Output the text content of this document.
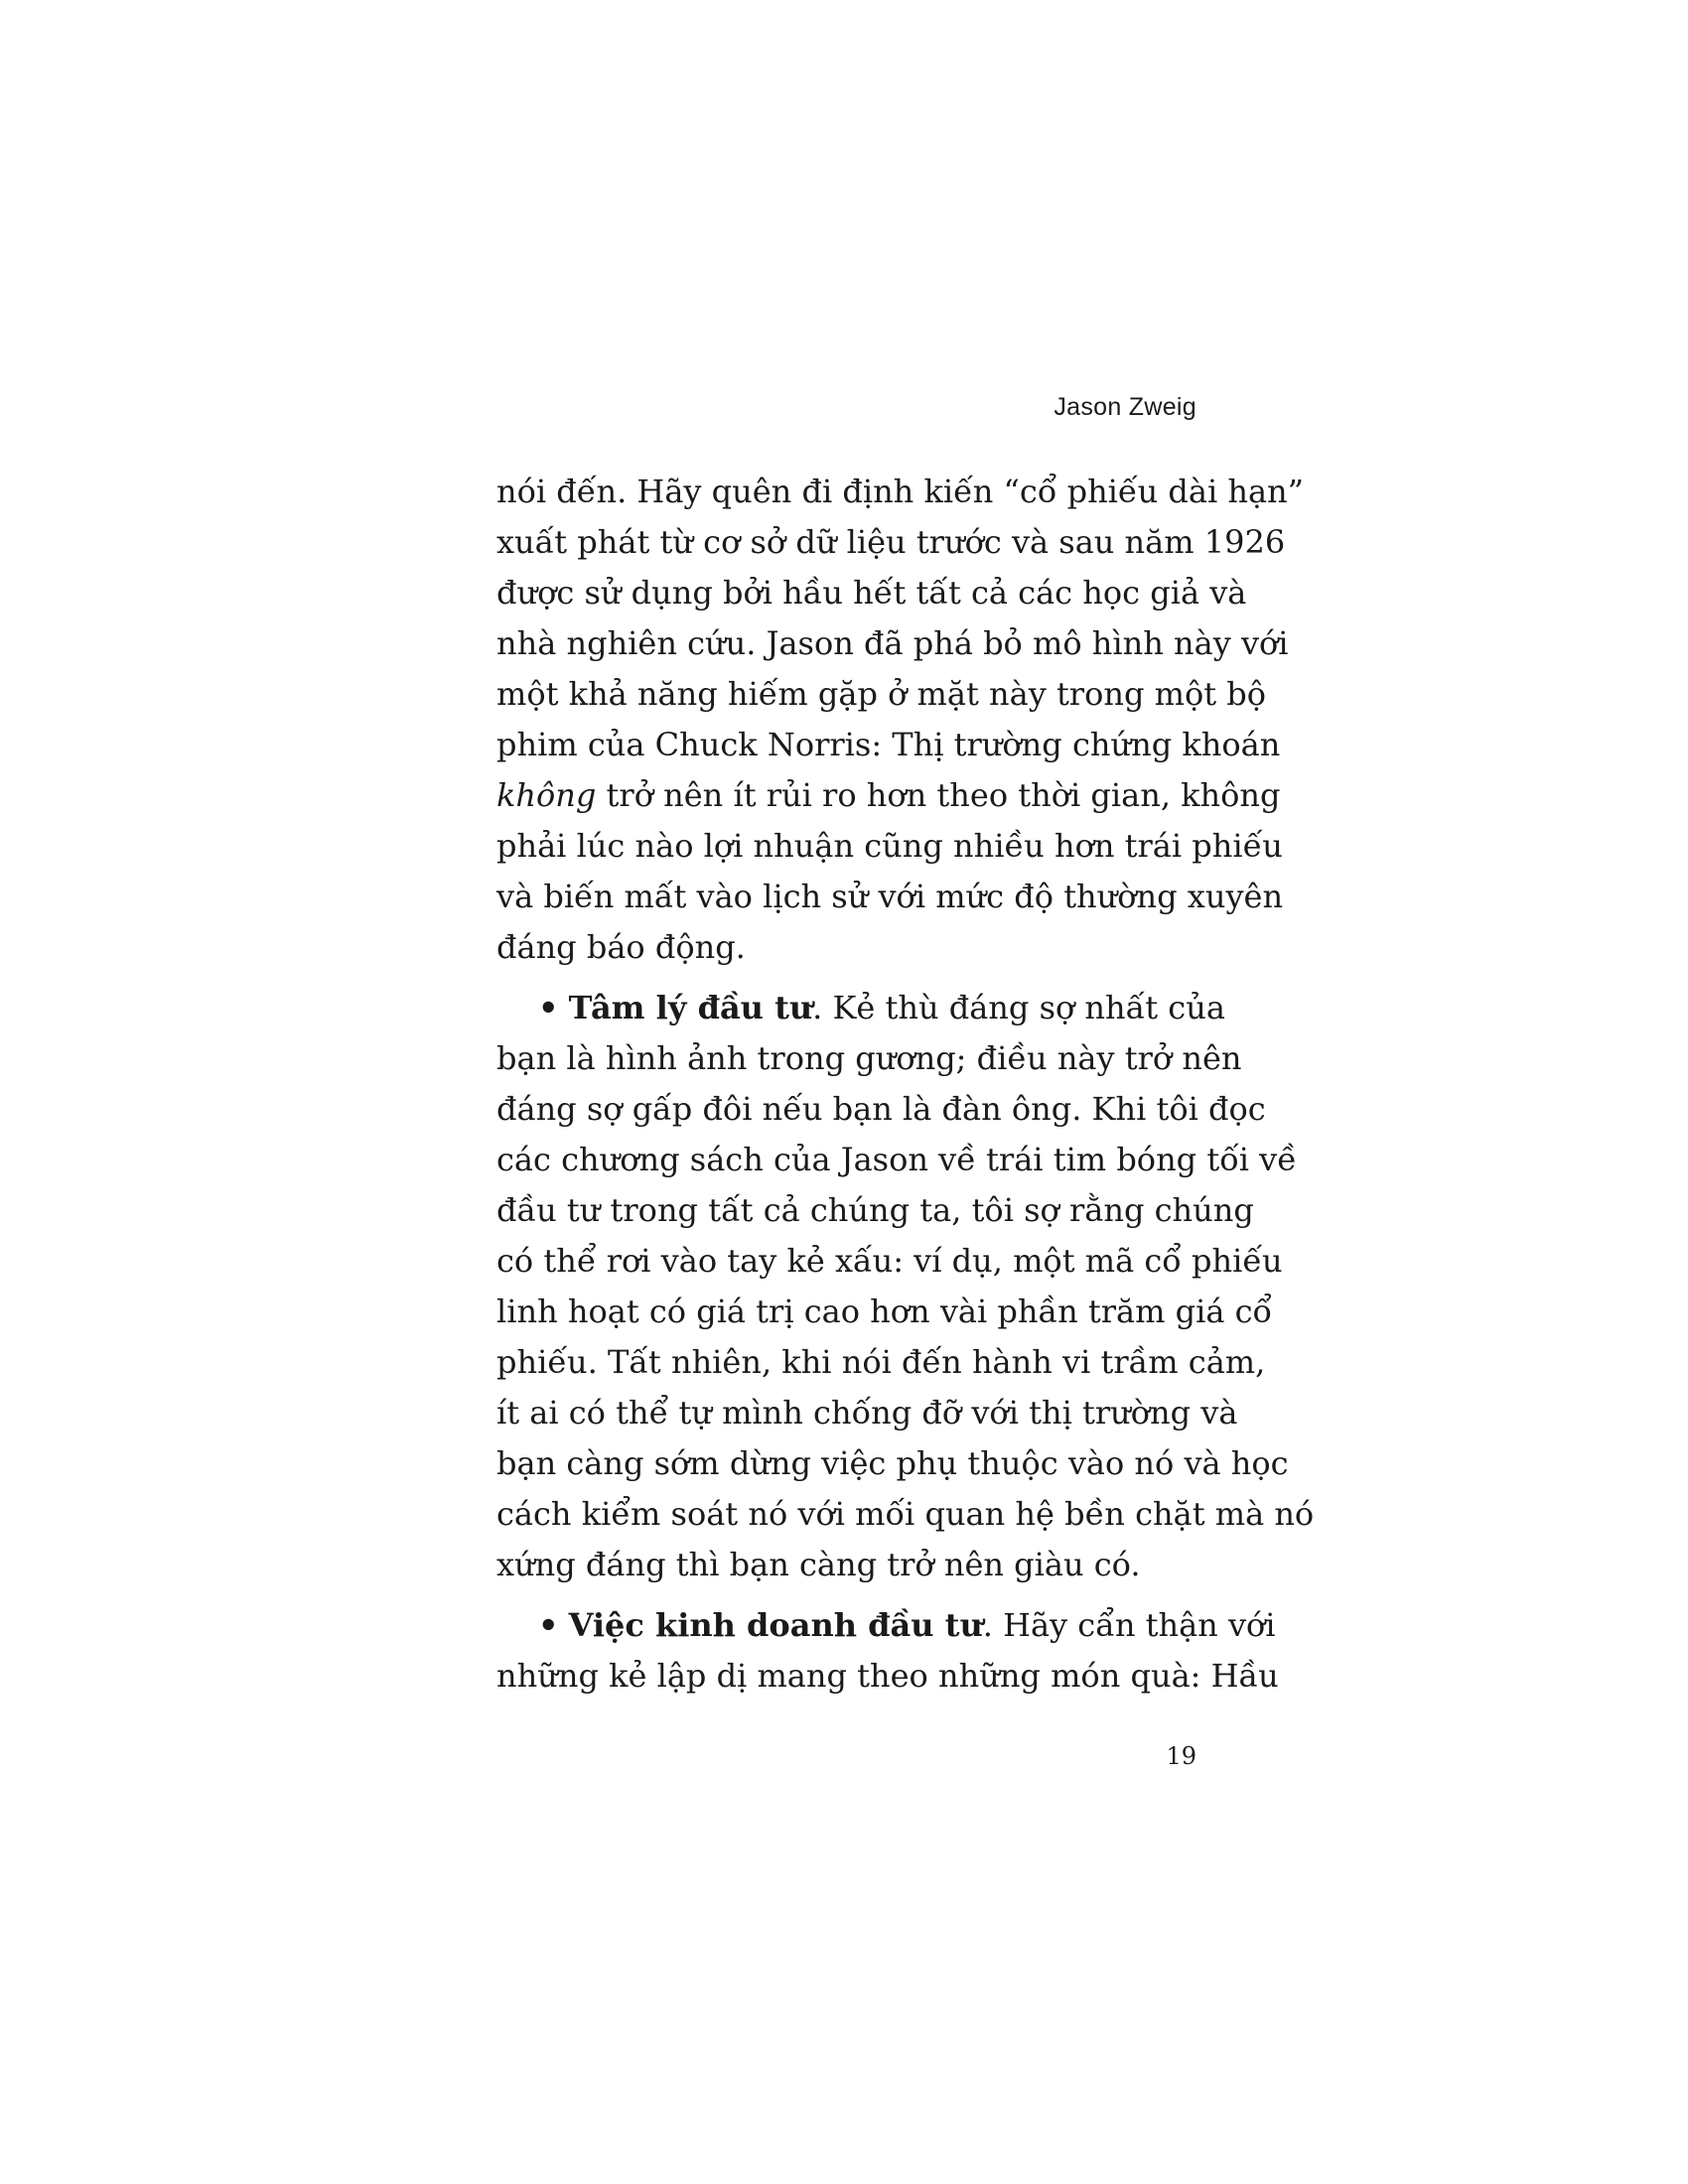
Jason Zweig

nói đến. Hãy quên đi định kiến “cổ phiếu dài hạn”
xuất phát từ cơ sở dữ liệu trước và sau năm 1926
được sử dụng bởi hầu hết tất cả các học giả và
nhà nghiên cứu. Jason đã phá bỏ mô hình này với
một khả năng hiếm gặp ở mặt này trong một bộ
phim của Chuck Norris: Thị trường chứng khoán
không trở nên ít rủi ro hơn theo thời gian, không
phải lúc nào lợi nhuận cũng nhiều hơn trái phiếu
và biến mất vào lịch sử với mức độ thường xuyên
đáng báo động.

• Tâm lý đầu tư. Kẻ thù đáng sợ nhất của
bạn là hình ảnh trong gương; điều này trở nên
đáng sợ gấp đôi nếu bạn là đàn ông. Khi tôi đọc
các chương sách của Jason về trái tim bóng tối về
đầu tư trong tất cả chúng ta, tôi sợ rằng chúng
có thể rơi vào tay kẻ xấu: ví dụ, một mã cổ phiếu
linh hoạt có giá trị cao hơn vài phần trăm giá cổ
phiếu. Tất nhiên, khi nói đến hành vi trầm cảm,
ít ai có thể tự mình chống đỡ với thị trường và
bạn càng sớm dừng việc phụ thuộc vào nó và học
cách kiểm soát nó với mối quan hệ bền chặt mà nó
xứng đáng thì bạn càng trở nên giàu có.

• Việc kinh doanh đầu tư. Hãy cẩn thận với
những kẻ lập dị mang theo những món quà: Hầu

19
